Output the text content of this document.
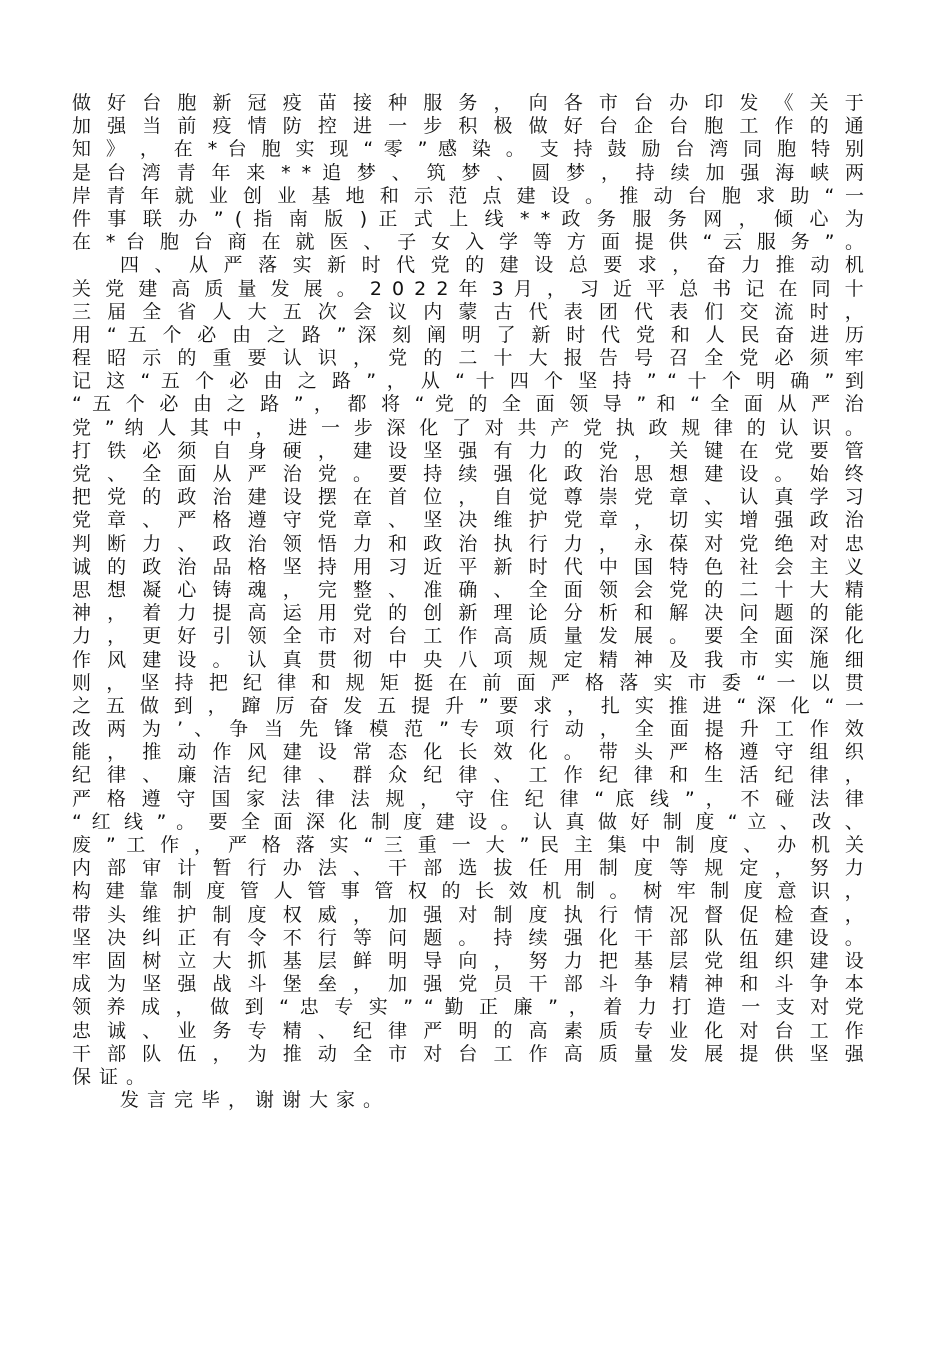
做 好 台 胞 新 冠 疫 苗 接 种 服 务 ， 向 各 市 台 办 印 发 《 关 于
加 强 当 前 疫 情 防 控 进 一 步 积 极 做 好 台 企 台 胞 工 作 的 通
知 》 ， 在 * 台 胞 实 现 “ 零 ” 感 染 。 支 持 鼓 励 台 湾 同 胞 特 别
是 台 湾 青 年 来 * * 追 梦 、 筑 梦 、 圆 梦 ， 持 续 加 强 海 峡 两
岸 青 年 就 业 创 业 基 地 和 示 范 点 建 设 。 推 动 台 胞 求 助 “ 一
件 事 联 办 ” ( 指 南 版 ) 正 式 上 线 * * 政 务 服 务 网 ， 倾 心 为
在 * 台 胞 台 商 在 就 医 、 子 女 入 学 等 方 面 提 供 “ 云 服 务 ” 。
四 、 从 严 落 实 新 时 代 党 的 建 设 总 要 求 ， 奋 力 推 动 机
关 党 建 高 质 量 发 展 。 2 0 2 2 年 3 月 ， 习 近 平 总 书 记 在 同 十
三 届 全 省 人 大 五 次 会 议 内 蒙 古 代 表 团 代 表 们 交 流 时 ，
用 “ 五 个 必 由 之 路 ” 深 刻 阐 明 了 新 时 代 党 和 人 民 奋 进 历
程 昭 示 的 重 要 认 识 ， 党 的 二 十 大 报 告 号 召 全 党 必 须 牢
记 这 “ 五 个 必 由 之 路 ” ， 从 “ 十 四 个 坚 持 ” “ 十 个 明 确 ” 到
“ 五 个 必 由 之 路 ” ， 都 将 “ 党 的 全 面 领 导 ” 和 “ 全 面 从 严 治
党 ” 纳 人 其 中 ， 进 一 步 深 化 了 对 共 产 党 执 政 规 律 的 认 识 。
打 铁 必 须 自 身 硬 ， 建 设 坚 强 有 力 的 党 ， 关 键 在 党 要 管
党 、 全 面 从 严 治 党 。 要 持 续 强 化 政 治 思 想 建 设 。 始 终
把 党 的 政 治 建 设 摆 在 首 位 ， 自 觉 尊 崇 党 章 、 认 真 学 习
党 章 、 严 格 遵 守 党 章 、 坚 决 维 护 党 章 ， 切 实 增 强 政 治
判 断 力 、 政 治 领 悟 力 和 政 治 执 行 力 ， 永 葆 对 党 绝 对 忠
诚 的 政 治 品 格 坚 持 用 习 近 平 新 时 代 中 国 特 色 社 会 主 义
思 想 凝 心 铸 魂 ， 完 整 、 准 确 、 全 面 领 会 党 的 二 十 大 精
神 ， 着 力 提 高 运 用 党 的 创 新 理 论 分 析 和 解 决 问 题 的 能
力 ， 更 好 引 领 全 市 对 台 工 作 高 质 量 发 展 。 要 全 面 深 化
作 风 建 设 。 认 真 贯 彻 中 央 八 项 规 定 精 神 及 我 市 实 施 细
则 ， 坚 持 把 纪 律 和 规 矩 挺 在 前 面 严 格 落 实 市 委 “ 一 以 贯
之 五 做 到 ， 蹿 厉 奋 发 五 提 升 ” 要 求 ， 扎 实 推 进 “ 深 化 “ 一
改 两 为 ’ 、 争 当 先 锋 模 范 ” 专 项 行 动 ， 全 面 提 升 工 作 效
能 ， 推 动 作 风 建 设 常 态 化 长 效 化 。 带 头 严 格 遵 守 组 织
纪 律 、 廉 洁 纪 律 、 群 众 纪 律 、 工 作 纪 律 和 生 活 纪 律 ，
严 格 遵 守 国 家 法 律 法 规 ， 守 住 纪 律 “ 底 线 ” ， 不 碰 法 律
“ 红 线 ” 。 要 全 面 深 化 制 度 建 设 。 认 真 做 好 制 度 “ 立 、 改 、
废 ” 工 作 ， 严 格 落 实 “ 三 重 一 大 ” 民 主 集 中 制 度 、 办 机 关
内 部 审 计 暂 行 办 法 、 干 部 选 拔 任 用 制 度 等 规 定 ， 努 力
构 建 靠 制 度 管 人 管 事 管 权 的 长 效 机 制 。 树 牢 制 度 意 识 ，
带 头 维 护 制 度 权 威 ， 加 强 对 制 度 执 行 情 况 督 促 检 查 ，
坚 决 纠 正 有 令 不 行 等 问 题 。 持 续 强 化 干 部 队 伍 建 设 。
牢 固 树 立 大 抓 基 层 鲜 明 导 向 ， 努 力 把 基 层 党 组 织 建 设
成 为 坚 强 战 斗 堡 垒 ， 加 强 党 员 干 部 斗 争 精 神 和 斗 争 本
领 养 成 ， 做 到 “ 忠 专 实 ” “ 勤 正 廉 ” ， 着 力 打 造 一 支 对 党
忠 诚 、 业 务 专 精 、 纪 律 严 明 的 高 素 质 专 业 化 对 台 工 作
干 部 队 伍 ， 为 推 动 全 市 对 台 工 作 高 质 量 发 展 提 供 坚 强
保证。
发言完毕，谢谢大家。
